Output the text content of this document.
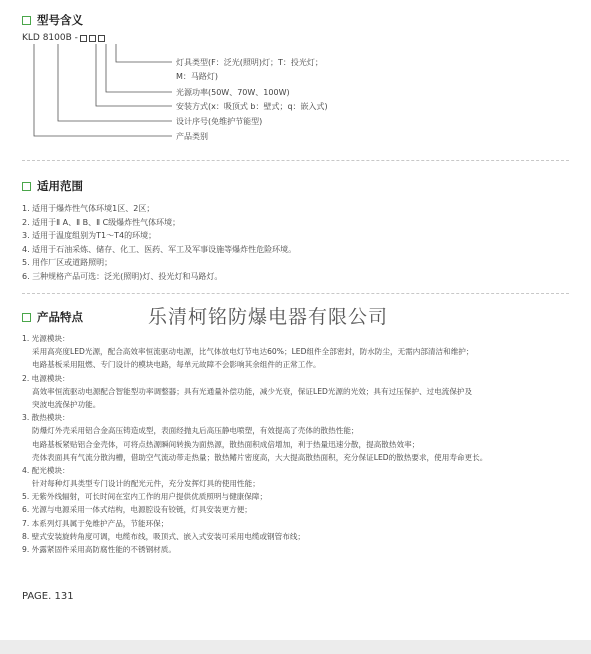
型号含义
KLD 8100B -
灯具类型(F：泛光(照明)灯；T：投光灯；
M：马路灯)
光源功率(50W、70W、100W)
安装方式(x：吸顶式 b：壁式；q：嵌入式)
设计序号(免维护节能型)
产品类别
适用范围
1. 适用于爆炸性气体环境1区、2区；
2. 适用于Ⅱ A、Ⅱ B、Ⅱ C级爆炸性气体环境；
3. 适用于温度组别为T1～T4的环境；
4. 适用于石油采炼、储存、化工、医药、军工及军事设施等爆炸性危险环境。
5. 用作厂区或道路照明；
6. 三种规格产品可选：泛光(照明)灯、投光灯和马路灯。
产品特点	乐清柯铭防爆电器有限公司
1. 光源模块：
采用高亮度LED光源，配合高效率恒流驱动电源，比气体放电灯节电达60%；LED组件全部密封，防水防尘，无需内部清洁和维护；
电路基板采用阻燃、专门设计的模块电路，每单元故障不会影响其余组件的正常工作。
2. 电源模块：
高效率恒流驱动电源配合智能型功率调整器；具有光通量补偿功能，减少光衰，保证LED光源的光效；具有过压保护、过电流保护及
突波电流保护功能。
3. 散热模块：
防爆灯外壳采用铝合金高压铸造成型，表面经抛丸后高压静电喷塑，有效提高了壳体的散热性能；
电路基板紧贴铝合金壳体，可将点热源瞬间转换为面热源，散热面积成倍增加，利于热量迅速分散，提高散热效率；
壳体表面具有气流分散沟槽，借助空气流动带走热量；散热鳍片密度高，大大提高散热面积，充分保证LED的散热要求，使用寿命更长。
4. 配光模块：
针对每种灯具类型专门设计的配光元件，充分发挥灯具的使用性能；
5. 无紫外线辐射，可长时间在室内工作的用户提供优质照明与健康保障；
6. 光源与电源采用一体式结构，电源腔设有铰链，灯具安装更方便；
7. 本系列灯具属于免维护产品，节能环保；
8. 壁式安装旋转角度可调，电缆布线，吸顶式、嵌入式安装可采用电缆或钢管布线；
9. 外露紧固件采用高防腐性能的不锈钢材质。
PAGE. 131
